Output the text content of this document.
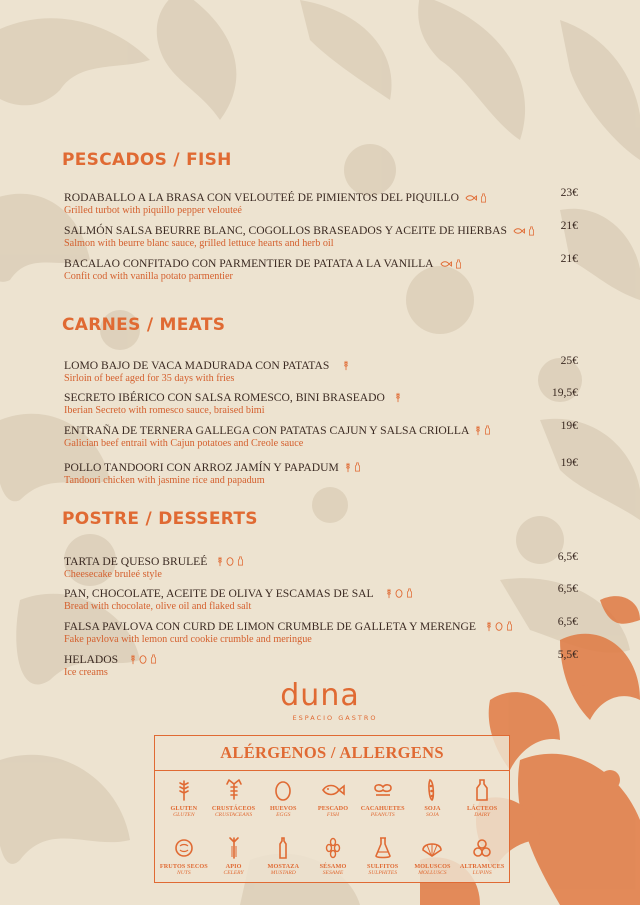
PESCADOS / FISH
RODABALLO A LA BRASA CON VELOUTEÉ DE PIMIENTOS DEL PIQUILLO
Grilled turbot with piquillo pepper velouteé
23€
SALMÓN SALSA BEURRE BLANC, COGOLLOS BRASEADOS Y ACEITE DE HIERBAS
Salmon with beurre blanc sauce, grilled lettuce hearts and herb oil
21€
BACALAO CONFITADO CON PARMENTIER DE PATATA A LA VANILLA
Confit cod with vanilla potato parmentier
21€
CARNES / MEATS
LOMO BAJO DE VACA MADURADA CON PATATAS
Sirloin of beef aged for 35 days with fries
25€
SECRETO IBÉRICO CON SALSA ROMESCO, BINI BRASEADO
Iberian Secreto with romesco sauce, braised bimi
19,5€
ENTRAÑA DE TERNERA GALLEGA CON PATATAS CAJUN Y SALSA CRIOLLA
Galician beef entrail with Cajun potatoes and Creole sauce
19€
POLLO TANDOORI CON ARROZ JAMÍN Y PAPADUM
Tandoori chicken with jasmine rice and papadum
19€
POSTRE / DESSERTS
TARTA DE QUESO BRULEÉ
Cheesecake bruleé style
6,5€
PAN, CHOCOLATE, ACEITE DE OLIVA Y ESCAMAS DE SAL
Bread with chocolate, olive oil and flaked salt
6,5€
FALSA PAVLOVA CON CURD DE LIMON CRUMBLE DE GALLETA Y MERENGE
Fake pavlova with lemon curd cookie crumble and meringue
6,5€
HELADOS
Ice creams
5,5€
duna
ESPACIO GASTRO
ALÉRGENOS / ALLERGENS
GLUTEN
GLUTEN
CRUSTÁCEOS
CRUSTACEANS
HUEVOS
EGGS
PESCADO
FISH
CACAHUETES
PEANUTS
SOJA
SOJA
LÁCTEOS
DAIRY
FRUTOS SECOS
NUTS
APIO
CELERY
MOSTAZA
MUSTARD
SÉSAMO
SESAME
SULFITOS
SULPHITES
MOLUSCOS
MOLLUSCS
ALTRAMUCES
LUPINS
